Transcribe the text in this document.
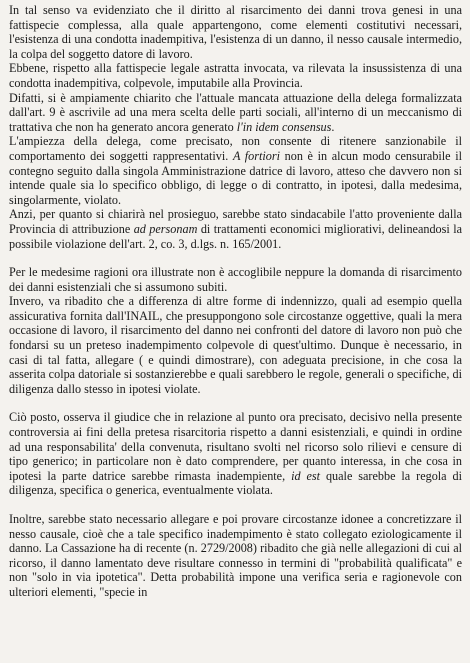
In tal senso va evidenziato che il diritto al risarcimento dei danni trova genesi in una fattispecie complessa, alla quale appartengono, come elementi costitutivi necessari, l'esistenza di una condotta inadempitiva, l'esistenza di un danno, il nesso causale intermedio, la colpa del soggetto datore di lavoro.

Ebbene, rispetto alla fattispecie legale astratta invocata, va rilevata la insussistenza di una condotta inadempitiva, colpevole, imputabile alla Provincia.

Difatti, si è ampiamente chiarito che l'attuale mancata attuazione della delega formalizzata dall'art. 9 è ascrivile ad una mera scelta delle parti sociali, all'interno di un meccanismo di trattativa che non ha generato ancora generato l'in idem consensus.

L'ampiezza della delega, come precisato, non consente di ritenere sanzionabile il comportamento dei soggetti rappresentativi. A fortiori non è in alcun modo censurabile il contegno seguito dalla singola Amministrazione datrice di lavoro, atteso che davvero non si intende quale sia lo specifico obbligo, di legge o di contratto, in ipotesi, dalla medesima, singolarmente, violato.

Anzi, per quanto si chiarirà nel prosieguo, sarebbe stato sindacabile l'atto proveniente dalla Provincia di attribuzione ad personam di trattamenti economici migliorativi, delineandosi la possibile violazione dell'art. 2, co. 3, d.lgs. n. 165/2001.

Per le medesime ragioni ora illustrate non è accoglibile neppure la domanda di risarcimento dei danni esistenziali che si assumono subiti.

Invero, va ribadito che a differenza di altre forme di indennizzo, quali ad esempio quella assicurativa fornita dall'INAIL, che presuppongono sole circostanze oggettive, quali la mera occasione di lavoro, il risarcimento del danno nei confronti del datore di lavoro non può che fondarsi su un preteso inadempimento colpevole di quest'ultimo. Dunque è necessario, in casi di tal fatta, allegare ( e quindi dimostrare), con adeguata precisione, in che cosa la asserita colpa datoriale si sostanzierebbe e quali sarebbero le regole, generali o specifiche, di diligenza dallo stesso in ipotesi violate.

Ciò posto, osserva il giudice che in relazione al punto ora precisato, decisivo nella presente controversia ai fini della pretesa risarcitoria rispetto a danni esistenziali, e quindi in ordine ad una responsabilita' della convenuta, risultano svolti nel ricorso solo rilievi e censure di tipo generico; in particolare non è dato comprendere, per quanto interessa, in che cosa in ipotesi la parte datrice sarebbe rimasta inadempiente, id est quale sarebbe la regola di diligenza, specifica o generica, eventualmente violata.

Inoltre, sarebbe stato necessario allegare e poi provare circostanze idonee a concretizzare il nesso causale, cioè che a tale specifico inadempimento è stato collegato eziologicamente il danno. La Cassazione ha di recente (n. 2729/2008) ribadito che già nelle allegazioni di cui al ricorso, il danno lamentato deve risultare connesso in termini di "probabilità qualificata" e non "solo in via ipotetica". Detta probabilità impone una verifica seria e ragionevole con ulteriori elementi, "specie in
